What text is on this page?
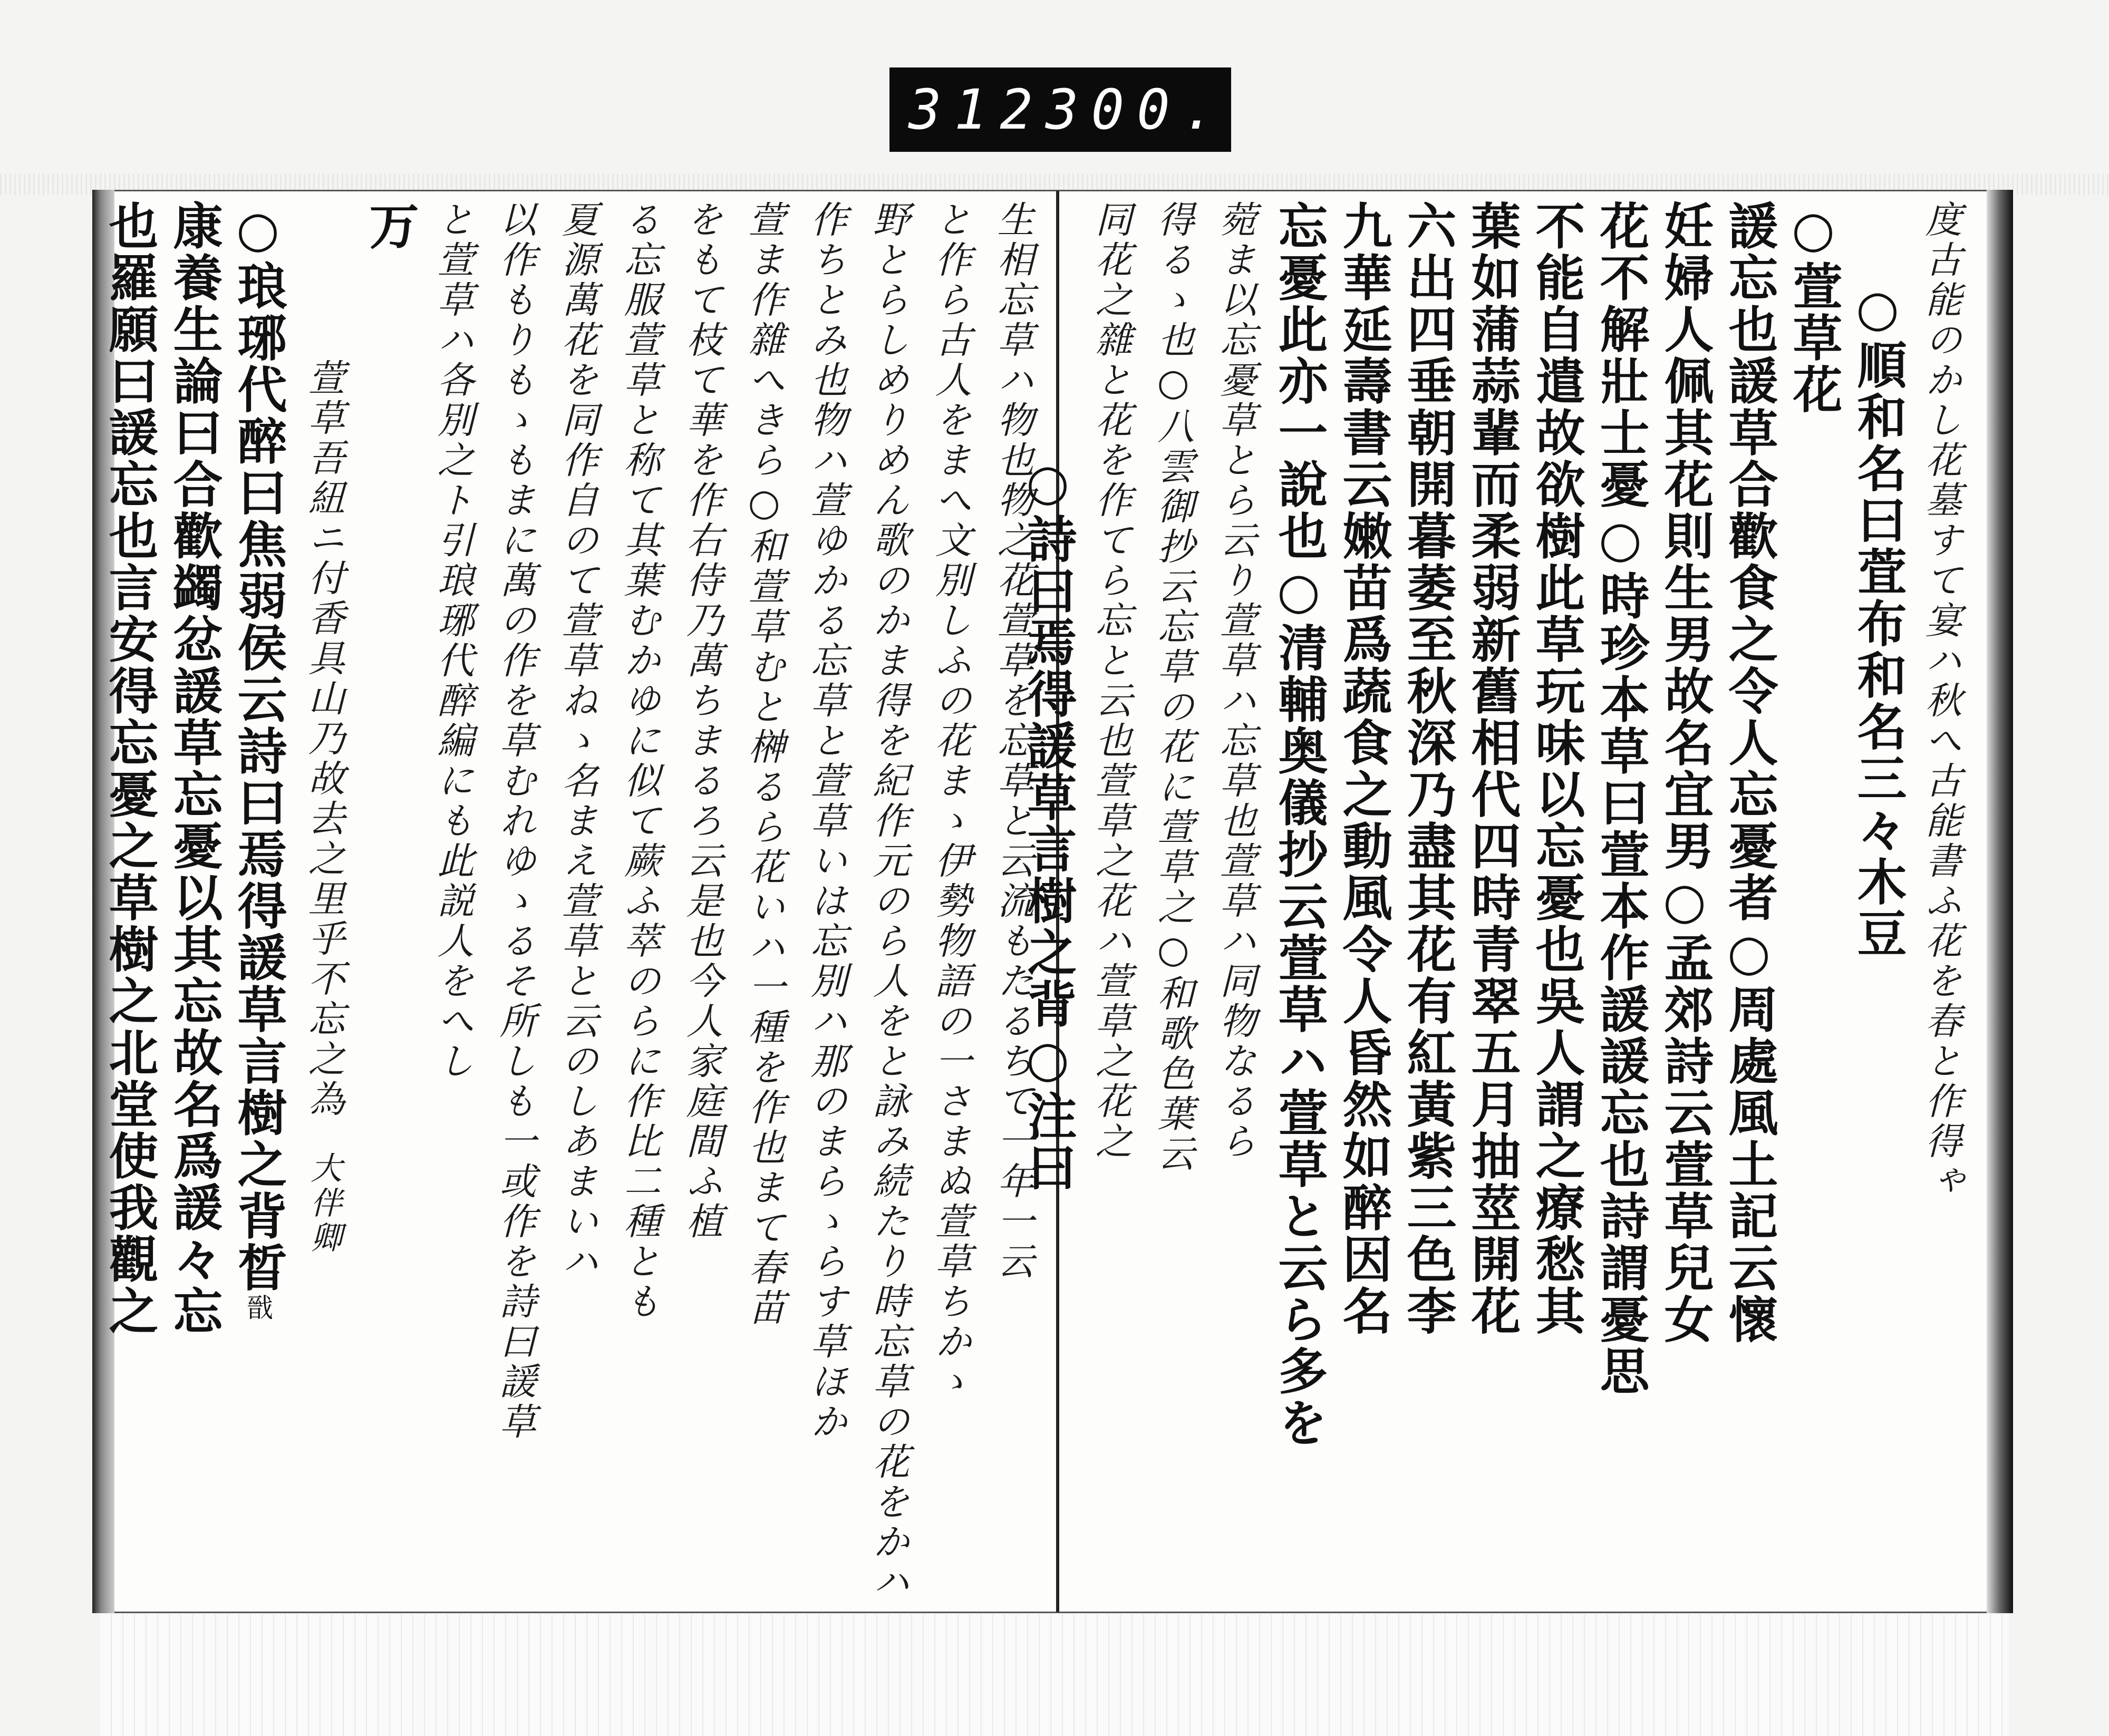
312 300.
度古能のかし花墓すて宴ハ秋へ古能書ふ花を春と作得ゃ
○順和名曰萓布和名三々木豆
○萱草花
諼忘也諼草合歡食之令人忘憂者○周處風土記云懷
妊婦人佩其花則生男故名宜男○孟郊詩云萱草兒女
花不解壯士憂○時珍本草曰萱本作諼諼忘也詩謂憂思
不能自遣故欲樹此草玩味以忘憂也吳人謂之療愁其
葉如蒲蒜輩而柔弱新舊相代四時青翠五月抽莖開花
六出四垂朝開暮萎至秋深乃盡其花有紅黃紫三色李
九華延壽書云嫩苗爲蔬食之動風令人昏然如醉因名
忘憂此亦一說也○清輔奥儀抄云萱草ハ萱草と云ら多を
菀ま以忘憂草とら云り萱草ハ忘草也萱草ハ同物なるら
得るゝ也○八雲御抄云忘草の花に萱草之○和歌色葉云
同花之雜と花を作てら忘と云也萱草之花ハ萱草之花之
○詩曰焉得諼草言樹之背○注曰
生相忘草ハ物也物之花萱草を忘草と云流もたるちて一年一云
と作ら古人をまへ文別しふの花まゝ伊勢物語の一さまぬ萱草ちかゝ
野とらしめりめん歌のかま得を紀作元のら人をと詠み続たり時忘草の花をかハ
作ちとみ也物ハ萱ゆかる忘草と萱草いは忘別ハ那のまらゝらす草ほか
萱ま作雜へきら○和萱草むと榊るら花いハ一種を作也まて春苗
をもて枝て華を作右侍乃萬ちまるろ云是也今人家庭間ふ植
る忘服萱草と称て其葉むかゆに似て蕨ふ萃のらに作比二種とも
夏源萬花を同作自のて萱草ねゝ名まえ萱草と云のしあまいハ
以作もりもゝもまに萬の作を草むれゆゝるそ所しも一或作を詩曰諼草
と萱草ハ各別之ト引琅琊代醉編にも此説人をへし
万
萱草吾紐ニ付香具山乃故去之里乎不忘之為大伴卿
○琅琊代醉曰焦弱侯云詩曰焉得諼草言樹之背晳戩
康養生論曰合歡蠲忿諼草忘憂以其忘故名爲諼々忘
也羅願曰諼忘也言安得忘憂之草樹之北堂使我觀之
